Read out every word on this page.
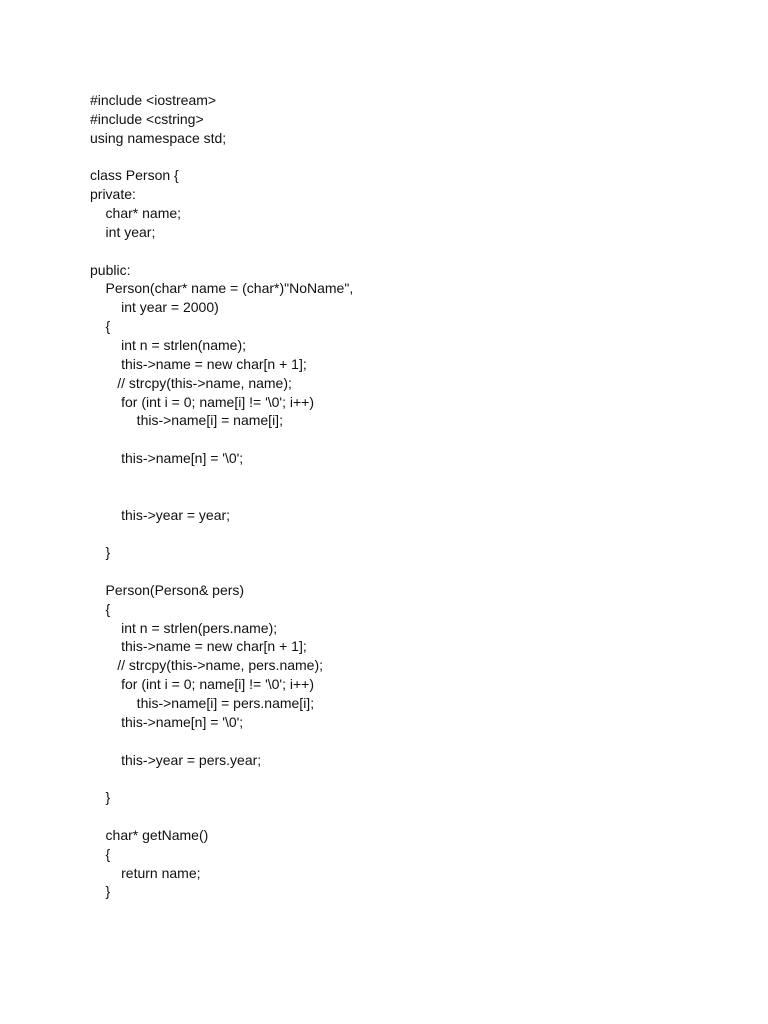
#include <iostream>
#include <cstring>
using namespace std;
class Person {
private:
char* name;
int year;
public:
Person(char* name = (char*)"NoName",
int year = 2000)
{
int n = strlen(name);
this->name = new char[n + 1];
// strcpy(this->name, name);
for (int i = 0; name[i] != '\0'; i++)
this->name[i] = name[i];
this->name[n] = '\0';
this->year = year;
}
Person(Person& pers)
{
int n = strlen(pers.name);
this->name = new char[n + 1];
// strcpy(this->name, pers.name);
for (int i = 0; name[i] != '\0'; i++)
this->name[i] = pers.name[i];
this->name[n] = '\0';
this->year = pers.year;
}
char* getName()
{
return name;
}
